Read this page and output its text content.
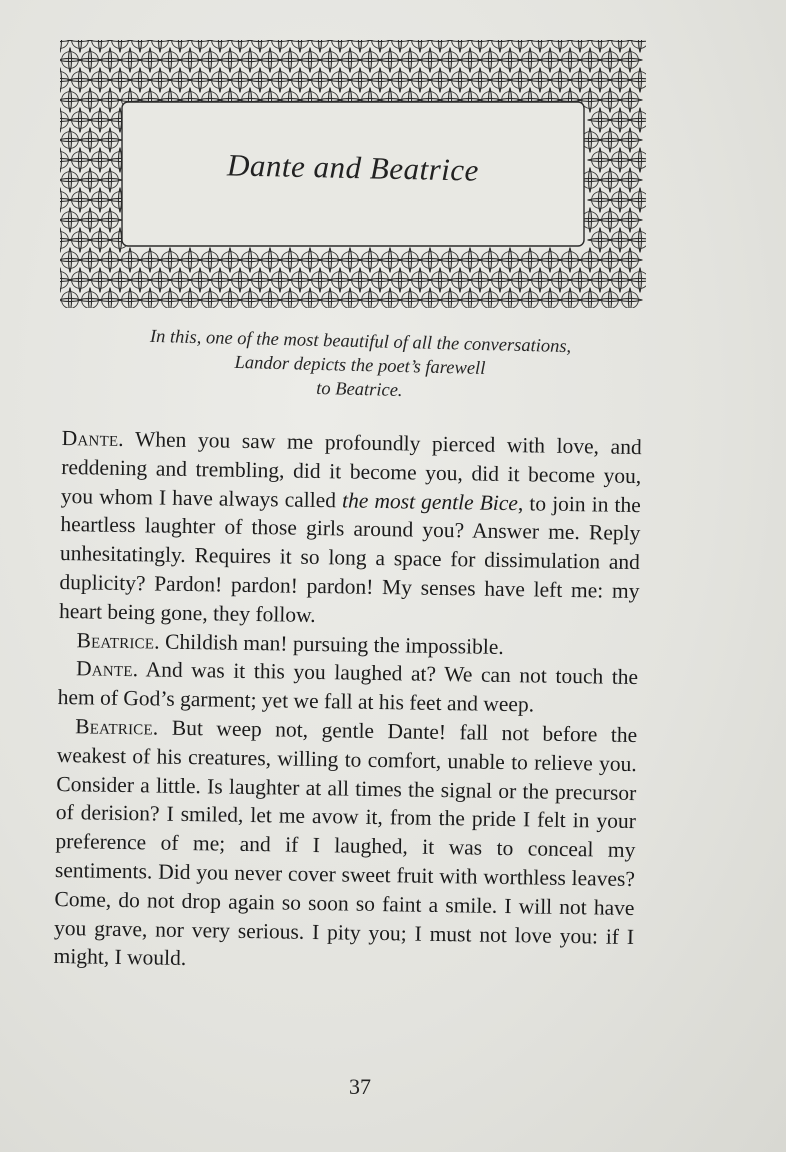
Dante and Beatrice
In this, one of the most beautiful of all the conversations,
Landor depicts the poet’s farewell
to Beatrice.

Dante. When you saw me profoundly pierced with love, and reddening and trembling, did it become you, did it become you, you whom I have always called the most gentle Bice, to join in the heartless laughter of those girls around you? Answer me. Reply unhesitatingly. Requires it so long a space for dissimulation and duplicity? Pardon! pardon! pardon! My senses have left me: my heart being gone, they follow.

Beatrice. Childish man! pursuing the impossible.

Dante. And was it this you laughed at? We can not touch the hem of God’s garment; yet we fall at his feet and weep.

Beatrice. But weep not, gentle Dante! fall not before the weakest of his creatures, willing to comfort, unable to relieve you. Consider a little. Is laughter at all times the signal or the precursor of derision? I smiled, let me avow it, from the pride I felt in your preference of me; and if I laughed, it was to conceal my sentiments. Did you never cover sweet fruit with worthless leaves? Come, do not drop again so soon so faint a smile. I will not have you grave, nor very serious. I pity you; I must not love you: if I might, I would.

37
